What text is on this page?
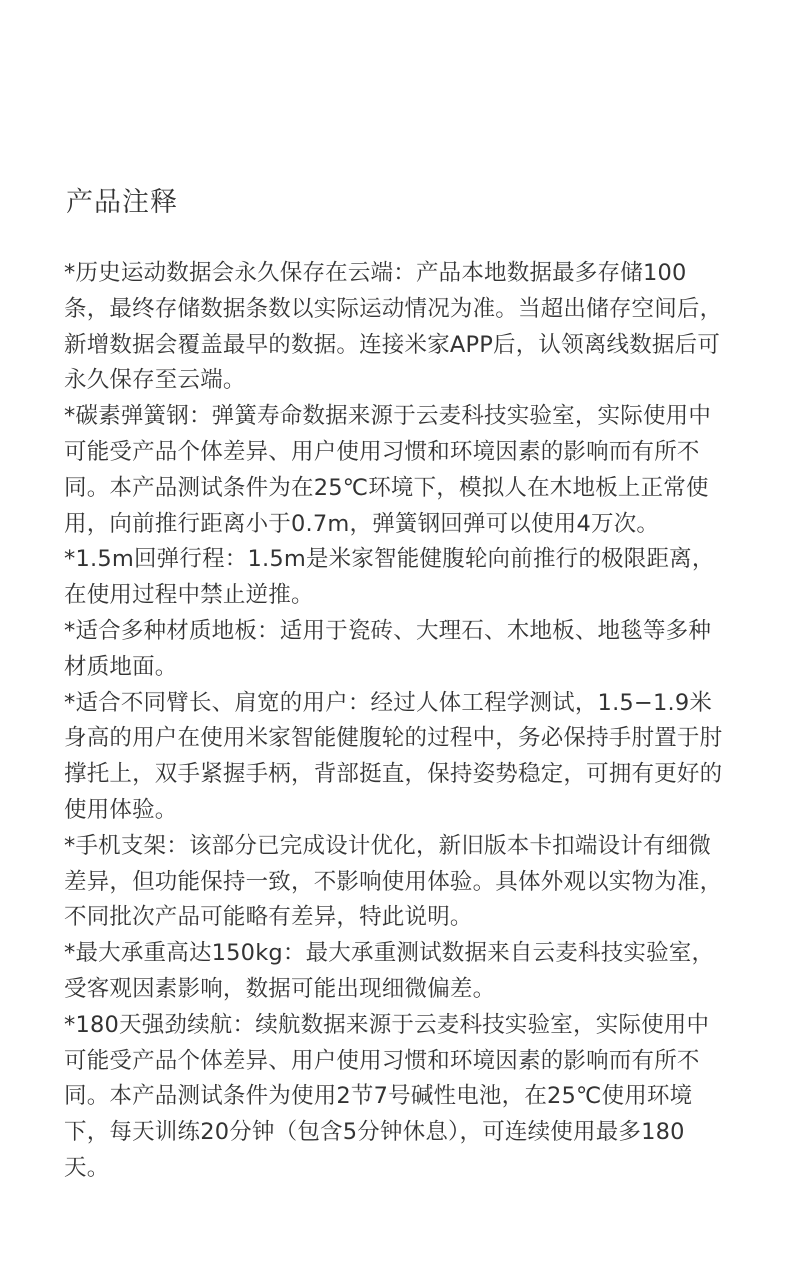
产品注释

*历史运动数据会永久保存在云端：产品本地数据最多存储100条，最终存储数据条数以实际运动情况为准。当超出储存空间后，新增数据会覆盖最早的数据。连接米家APP后，认领离线数据后可永久保存至云端。

*碳素弹簧钢：弹簧寿命数据来源于云麦科技实验室，实际使用中可能受产品个体差异、用户使用习惯和环境因素的影响而有所不同。本产品测试条件为在25℃环境下，模拟人在木地板上正常使用，向前推行距离小于0.7m，弹簧钢回弹可以使用4万次。

*1.5m回弹行程：1.5m是米家智能健腹轮向前推行的极限距离，在使用过程中禁止逆推。

*适合多种材质地板：适用于瓷砖、大理石、木地板、地毯等多种材质地面。

*适合不同臂长、肩宽的用户：经过人体工程学测试，1.5−1.9米身高的用户在使用米家智能健腹轮的过程中，务必保持手肘置于肘撑托上，双手紧握手柄，背部挺直，保持姿势稳定，可拥有更好的使用体验。

*手机支架：该部分已完成设计优化，新旧版本卡扣端设计有细微差异，但功能保持一致，不影响使用体验。具体外观以实物为准，不同批次产品可能略有差异，特此说明。

*最大承重高达150kg：最大承重测试数据来自云麦科技实验室，受客观因素影响，数据可能出现细微偏差。

*180天强劲续航：续航数据来源于云麦科技实验室，实际使用中可能受产品个体差异、用户使用习惯和环境因素的影响而有所不同。本产品测试条件为使用2节7号碱性电池，在25℃使用环境下，每天训练20分钟（包含5分钟休息），可连续使用最多180天。
